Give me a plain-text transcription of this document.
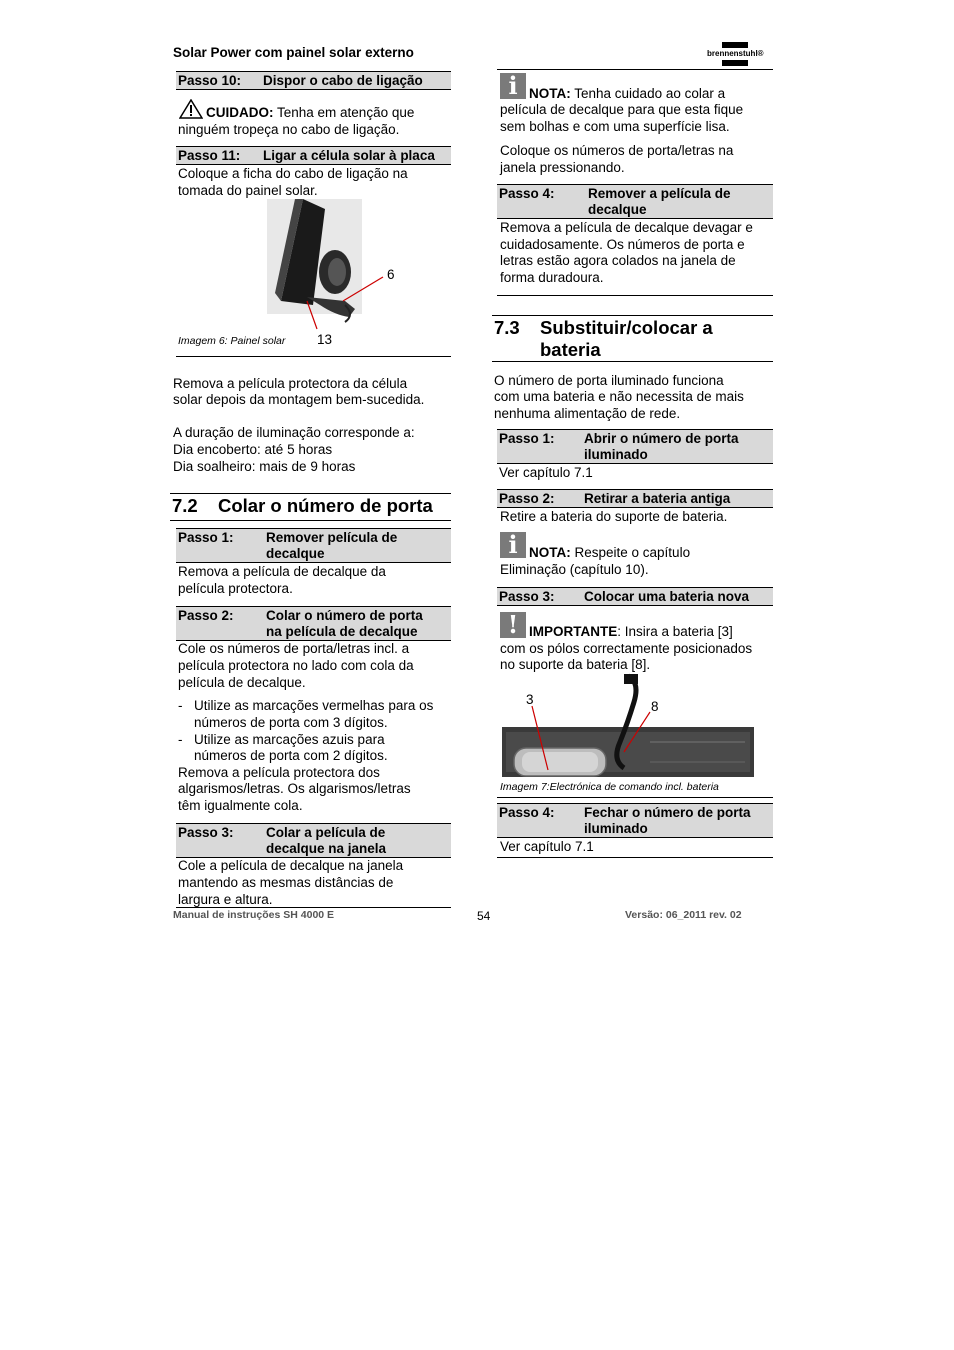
Solar Power com painel solar externo	brennenstuhl®
Passo 10: Dispor o cabo de ligação
CUIDADO: Tenha em atenção que
ninguém tropeça no cabo de ligação.
Passo 11: Ligar a célula solar à placa
Coloque a ficha do cabo de ligação na
tomada do painel solar.
6
13
Imagem 6: Painel solar
Remova a película protectora da célula
solar depois da montagem bem-sucedida.
A duração de iluminação corresponde a:
Dia encoberto: até 5 horas
Dia soalheiro: mais de 9 horas
7.2 Colar o número de porta
Passo 1: Remover película de
decalque
Remova a película de decalque da
película protectora.
Passo 2: Colar o número de porta
na película de decalque
Cole os números de porta/letras incl. a
película protectora no lado com cola da
película de decalque.
- Utilize as marcações vermelhas para os
números de porta com 3 dígitos.
- Utilize as marcações azuis para
números de porta com 2 dígitos.
Remova a película protectora dos
algarismos/letras. Os algarismos/letras
têm igualmente cola.
Passo 3: Colar a película de
decalque na janela
Cole a película de decalque na janela
mantendo as mesmas distâncias de
largura e altura.
i NOTA: Tenha cuidado ao colar a
película de decalque para que esta fique
sem bolhas e com uma superfície lisa.
Coloque os números de porta/letras na
janela pressionando.
Passo 4: Remover a película de
decalque
Remova a película de decalque devagar e
cuidadosamente. Os números de porta e
letras estão agora colados na janela de
forma duradoura.
7.3 Substituir/colocar a
bateria
O número de porta iluminado funciona
com uma bateria e não necessita de mais
nenhuma alimentação de rede.
Passo 1: Abrir o número de porta
iluminado
Ver capítulo 7.1
Passo 2: Retirar a bateria antiga
Retire a bateria do suporte de bateria.
i NOTA: Respeite o capítulo
Eliminação (capítulo 10).
Passo 3: Colocar uma bateria nova
! IMPORTANTE: Insira a bateria [3]
com os pólos correctamente posicionados
no suporte da bateria [8].
3	8
Imagem 7:Electrónica de comando incl. bateria
Passo 4: Fechar o número de porta
iluminado
Ver capítulo 7.1
Manual de instruções SH 4000 E	54	Versão: 06_2011 rev. 02
